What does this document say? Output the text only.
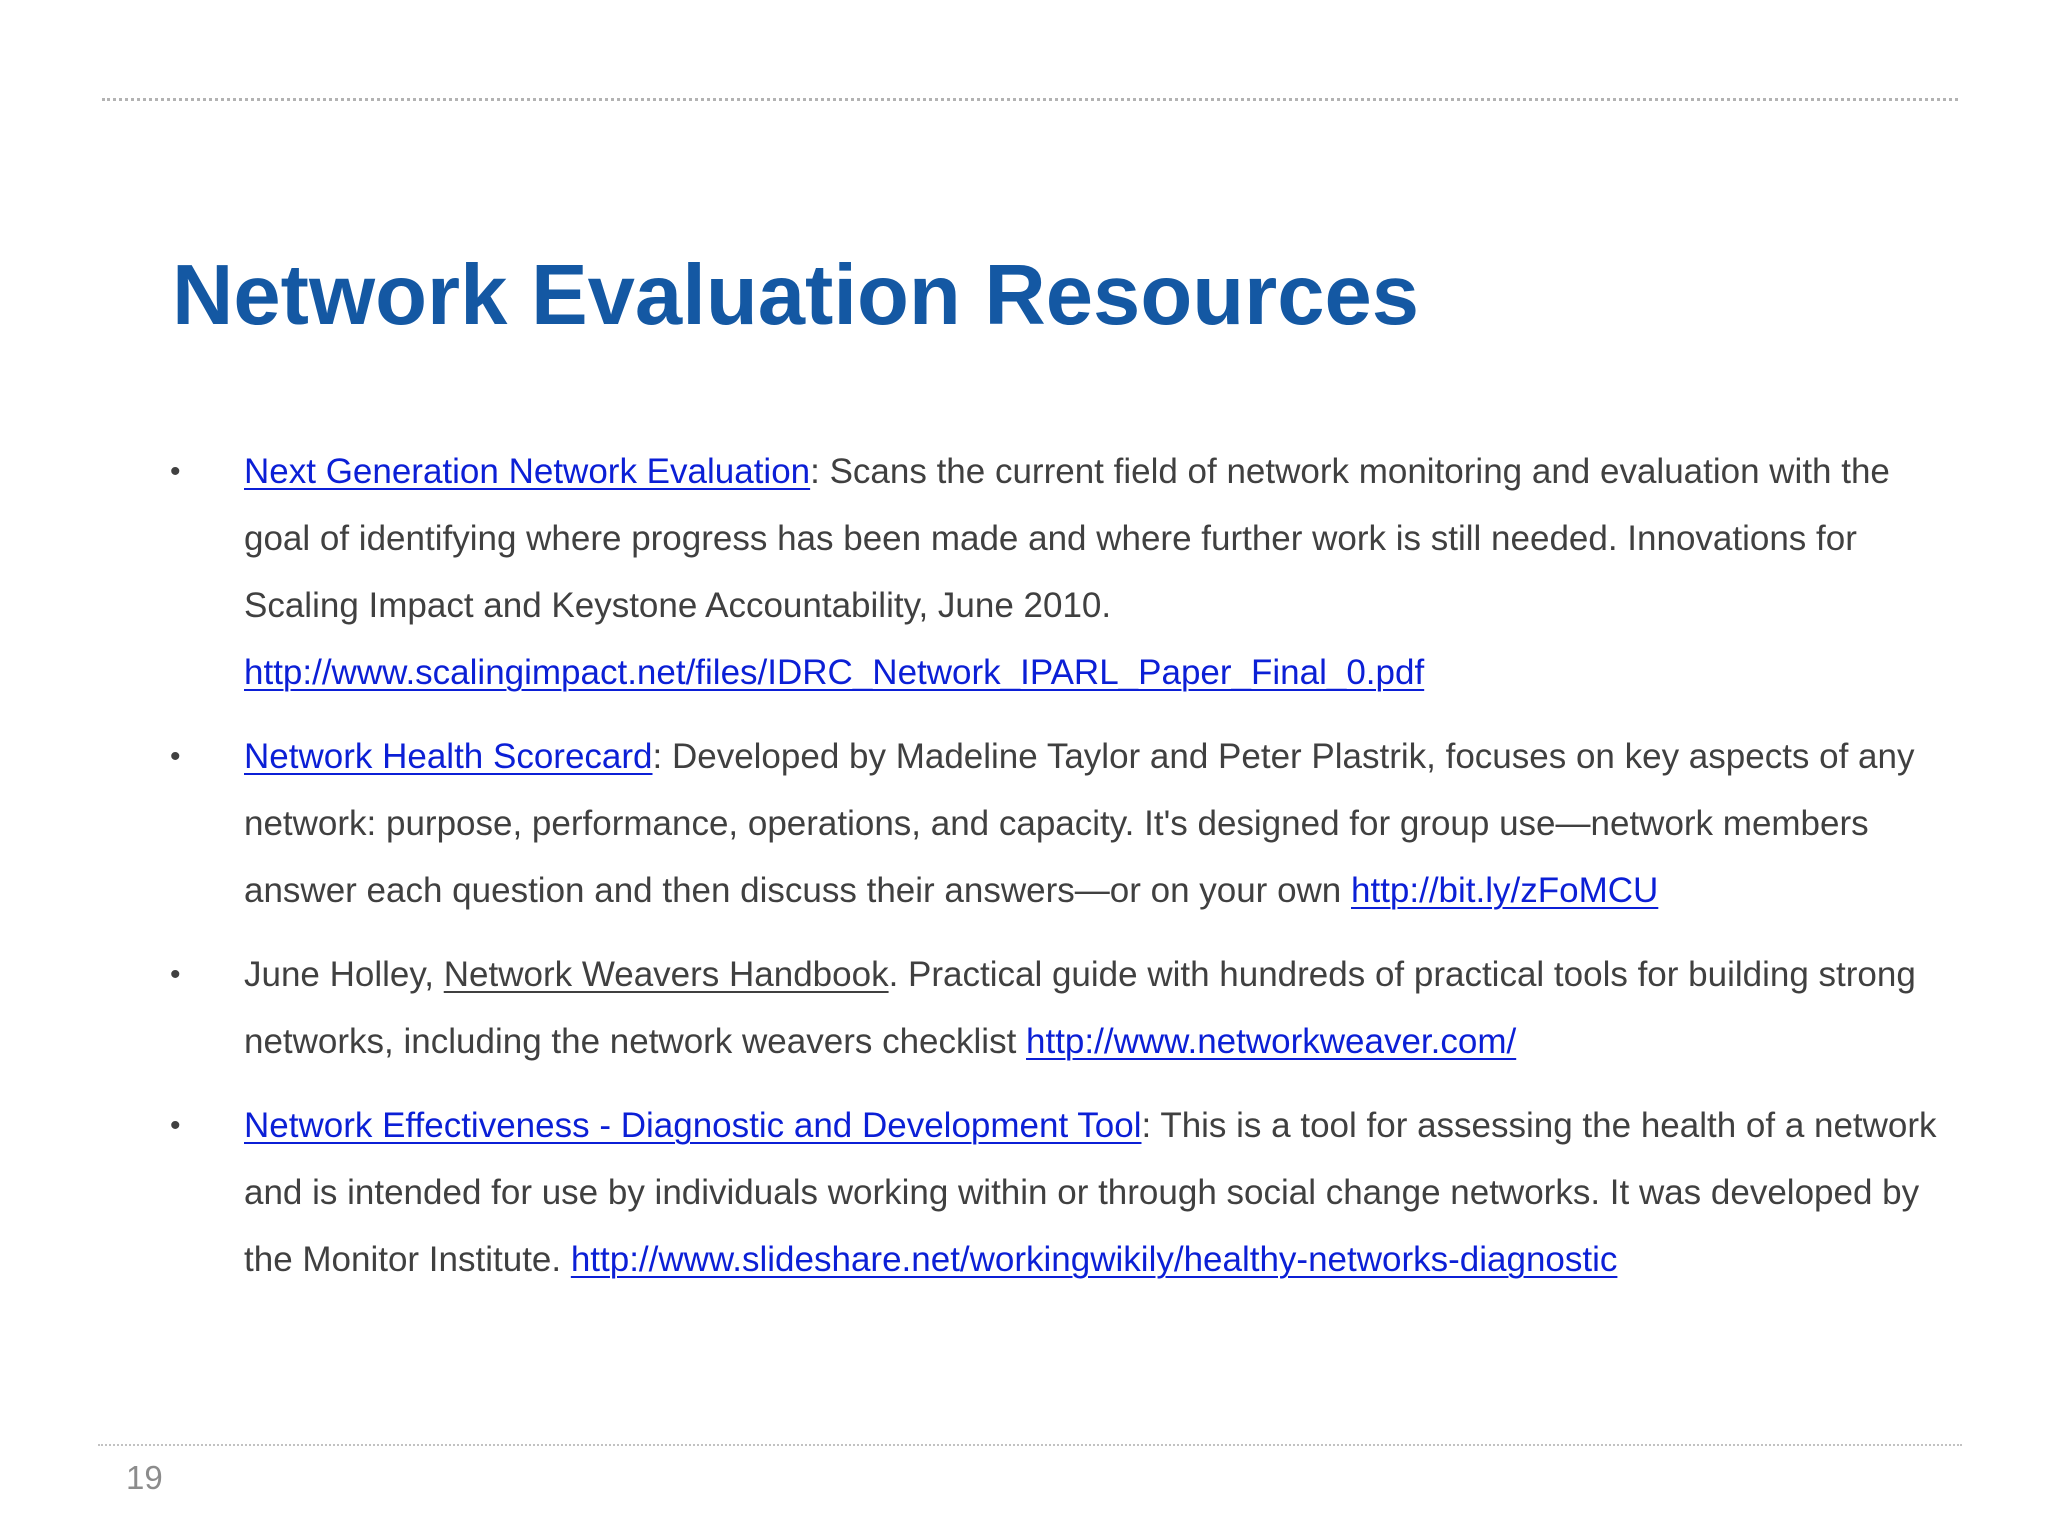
Network Evaluation Resources
•	Next Generation Network Evaluation: Scans the current field of network monitoring and evaluation with the goal of identifying where progress has been made and where further work is still needed. Innovations for Scaling Impact and Keystone Accountability, June 2010. http://www.scalingimpact.net/files/IDRC_Network_IPARL_Paper_Final_0.pdf
•	Network Health Scorecard: Developed by Madeline Taylor and Peter Plastrik, focuses on key aspects of any network: purpose, performance, operations, and capacity. It's designed for group use—network members answer each question and then discuss their answers—or on your own http://bit.ly/zFoMCU
•	June Holley, Network Weavers Handbook. Practical guide with hundreds of practical tools for building strong networks, including the network weavers checklist http://www.networkweaver.com/
•	Network Effectiveness - Diagnostic and Development Tool: This is a tool for assessing the health of a network and is intended for use by individuals working within or through social change networks. It was developed by the Monitor Institute. http://www.slideshare.net/workingwikily/healthy-networks-diagnostic
19
